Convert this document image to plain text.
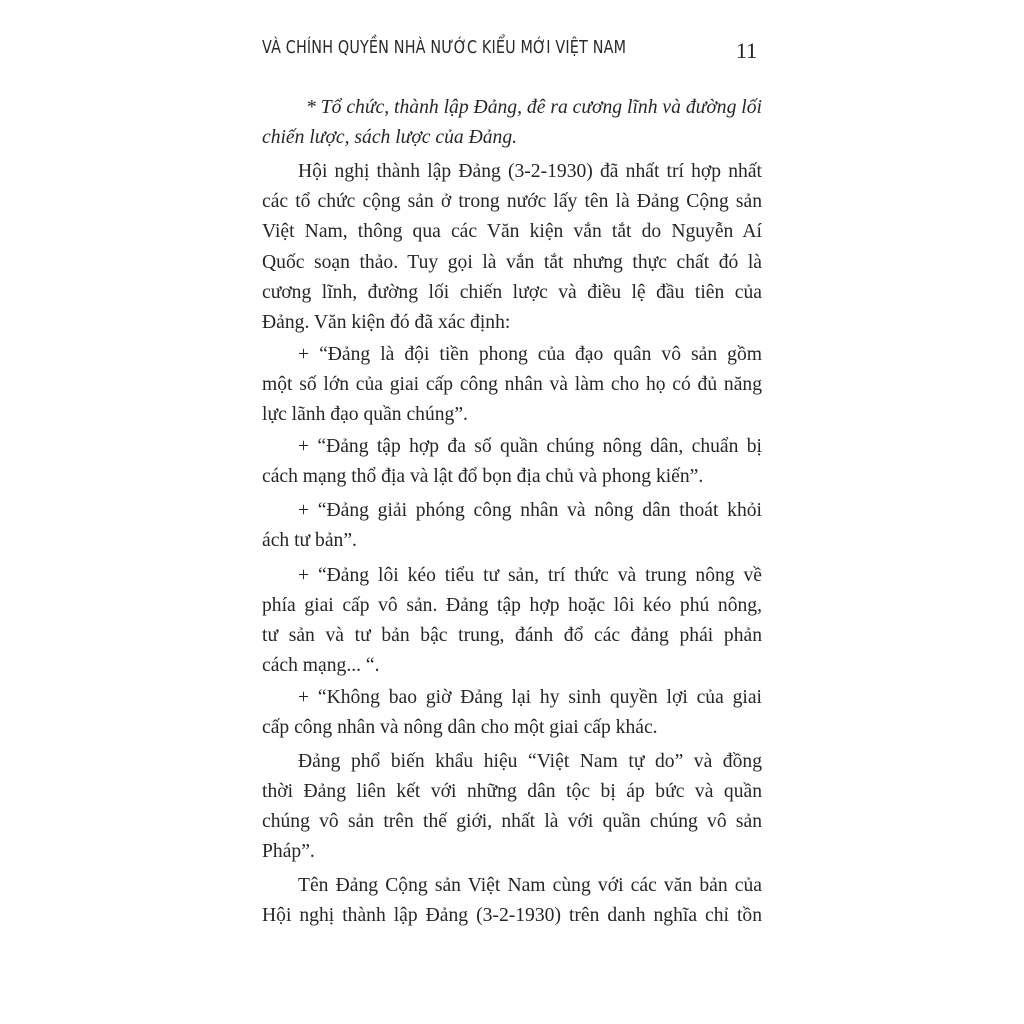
VÀ CHÍNH QUYỀN NHÀ NƯỚC KIỂU MỚI VIỆT NAM	11
* Tổ chức, thành lập Đảng, đê ra cương lĩnh và đường lối
chiến lược, sách lược của Đảng.
Hội nghị thành lập Đảng (3-2-1930) đã nhất trí hợp nhất
các tổ chức cộng sản ở trong nước lấy tên là Đảng Cộng sản
Việt Nam, thông qua các Văn kiện vắn tắt do Nguyễn Aí
Quốc soạn thảo. Tuy gọi là vắn tắt nhưng thực chất đó là
cương lĩnh, đường lối chiến lược và điều lệ đầu tiên của
Đảng. Văn kiện đó đã xác định:
+ “Đảng là đội tiền phong của đạo quân vô sản gồm
một số lớn của giai cấp công nhân và làm cho họ có đủ năng
lực lãnh đạo quần chúng”.
+ “Đảng tập hợp đa số quần chúng nông dân, chuẩn bị
cách mạng thổ địa và lật đổ bọn địa chủ và phong kiến”.
+ “Đảng giải phóng công nhân và nông dân thoát khỏi
ách tư bản”.
+ “Đảng lôi kéo tiểu tư sản, trí thức và trung nông về
phía giai cấp vô sản. Đảng tập hợp hoặc lôi kéo phú nông,
tư sản và tư bản bậc trung, đánh đổ các đảng phái phản
cách mạng... “.
+ “Không bao giờ Đảng lại hy sinh quyền lợi của giai
cấp công nhân và nông dân cho một giai cấp khác.
Đảng phổ biến khẩu hiệu “Việt Nam tự do” và đồng
thời Đảng liên kết với những dân tộc bị áp bức và quần
chúng vô sản trên thế giới, nhất là với quần chúng vô sản
Pháp”.
Tên Đảng Cộng sản Việt Nam cùng với các văn bản của
Hội nghị thành lập Đảng (3-2-1930) trên danh nghĩa chỉ tồn
